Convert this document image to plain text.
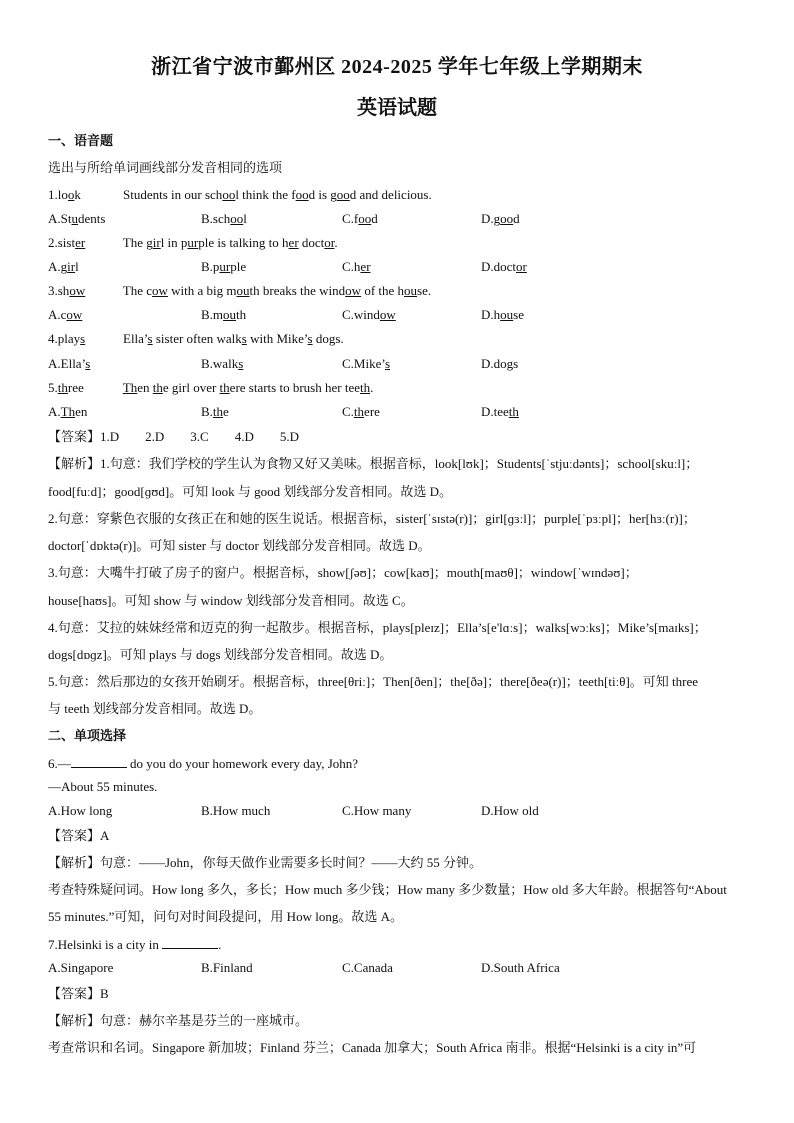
浙江省宁波市鄞州区 2024-2025 学年七年级上学期期末
英语试题
一、语音题
选出与所给单词画线部分发音相同的选项
1.look	Students in our school think the food is good and delicious.
A.Students	B.school	C.food	D.good
2.sister	The girl in purple is talking to her doctor.
A.girl	B.purple	C.her	D.doctor
3.show	The cow with a big mouth breaks the window of the house.
A.cow	B.mouth	C.window	D.house
4.plays	Ella’s sister often walks with Mike’s dogs.
A.Ella’s	B.walks	C.Mike’s	D.dogs
5.three	Then the girl over there starts to brush her teeth.
A.Then	B.the	C.there	D.teeth
【答案】1.D　　2.D　　3.C　　4.D　　5.D
【解析】1.句意：我们学校的学生认为食物又好又美味。根据音标，look[lʊk]；Students[ˈstjuːdənts]；school[skuːl]；
food[fuːd]；good[ɡʊd]。可知 look 与 good 划线部分发音相同。故选 D。
2.句意：穿紫色衣服的女孩正在和她的医生说话。根据音标，sister[ˈsɪstə(r)]；girl[ɡɜːl]；purple[ˈpɜːpl]；her[hɜː(r)]；
doctor[ˈdɒktə(r)]。可知 sister 与 doctor 划线部分发音相同。故选 D。
3.句意：大嘴牛打破了房子的窗户。根据音标，show[ʃəʊ]；cow[kaʊ]；mouth[maʊθ]；window[ˈwɪndəʊ]；
house[haʊs]。可知 show 与 window 划线部分发音相同。故选 C。
4.句意：艾拉的妹妹经常和迈克的狗一起散步。根据音标，plays[pleɪz]；Ella’s[e'lɑːs]；walks[wɔːks]；Mike’s[maɪks]；
dogs[dɒɡz]。可知 plays 与 dogs 划线部分发音相同。故选 D。
5.句意：然后那边的女孩开始刷牙。根据音标，three[θriː]；Then[ðen]；the[ðə]；there[ðeə(r)]；teeth[tiːθ]。可知 three
与 teeth 划线部分发音相同。故选 D。
二、单项选择
6.—	do you do your homework every day, John?
—About 55 minutes.
A.How long	B.How much	C.How many	D.How old
【答案】A
【解析】句意：——John，你每天做作业需要多长时间？——大约 55 分钟。
考查特殊疑问词。How long 多久，多长；How much 多少钱；How many 多少数量；How old 多大年龄。根据答句“About
55 minutes.”可知，问句对时间段提问，用 How long。故选 A。
7.Helsinki is a city in	.
A.Singapore	B.Finland	C.Canada	D.South Africa
【答案】B
【解析】句意：赫尔辛基是芬兰的一座城市。
考查常识和名词。Singapore 新加坡；Finland 芬兰；Canada 加拿大；South Africa 南非。根据“Helsinki is a city in”可
